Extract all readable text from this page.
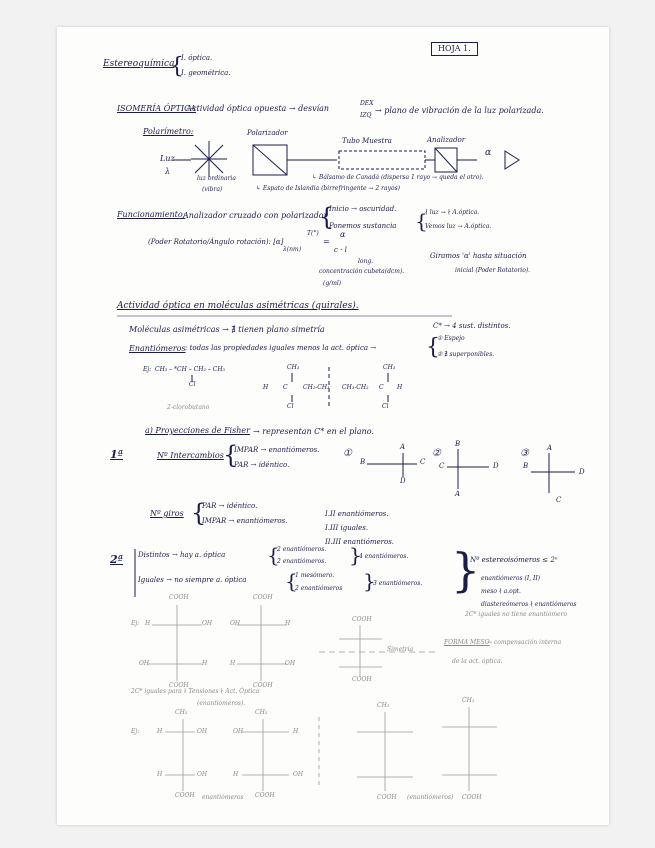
HOJA 1.
Estereoquímica
{
I. óptica.
I. geométrica.
ISOMERÍA ÓPTICA
: Actividad óptica opuesta → desvían
DEX
IZQ
→ plano de vibración de la luz polarizada.
Polarímetro:	Polarizador
Tubo Muestra	Analizador
Luz
λ
α
luz ordinaria
(vibra)	↳ Espato de Islandia (birrefringente → 2 rayos)
↳ Bálsamo de Canadá (dispersa 1 rayo → queda el otro).
Funcionamiento:
Analizador cruzado con polarizador
{
Inicio → oscuridad.
Ponemos sustancia {
∤ luz → ∤ A.óptica.
Vemos luz → A.óptica.
Giramos 'α' hasta situación
inicial (Poder Rotatorio).
(Poder Rotatorio/Ángulo rotación): [α]
T(°)
λ(nm)
=
α
c · l
long.
concentración cubeta(dcm).
(g/ml)
Actividad óptica en moléculas asimétricas (quirales).
Moléculas asimétricas → ∄ tienen plano simetría	C* → 4 sust. distintos.
Enantiómeros : todas las propiedades iguales menos la act. óptica → {
① Espejo
② ∄ superponibles.
Ej: CH₃ – *CH – CH₂ – CH₃
Cl
2-clorobutano
CH₃
H C	CH₂-CH₃
Cl
CH₃
CH₃-CH₂ C H
Cl
a) Proyecciones de Fisher → representan C* en el plano.
1ª	Nº Intercambios {
IMPAR → enantiómeros.
PAR → idéntico.
①
A
B
D
C
②
B
C	D
A
③	A
B
D
C
Nº giros {
PAR → idéntico.
IMPAR → enantiómeros.
I.II enantiómeros.
I.III iguales.
II.III enantiómeros.
2ª Distintos → hay a. óptica {
2 enantiómeros.
2 enantiómeros. }
4 enantiómeros.
Iguales → no siempre a. óptica {
1 mesómero.
2 enantiómeros }
3 enantiómeros. }
Nº estereoisómeros ≤ 2ⁿ
enantiómeros (I, II)
meso ∤ a.opt.
diastereómeros ∤ enantiómeros
2C* iguales no tiene enantiómero
Ej:
COOH	COOH
H	OH	OH	H
OH	H	H	OH
COOH	COOH
COOH
COOH
Simetría
FORMA MESO
→ compensación interna
de la act. óptica.
2C* iguales para ∤ Tensiones ∤ Act. Óptica
(enantiómeros).
CH₃	CH₃
CH₃
CH₃
Ej:	H	OH	OH	H
H	OH	H	OH
COOH	COOH
enantiómeros	COOH (enantiómeros) COOH
